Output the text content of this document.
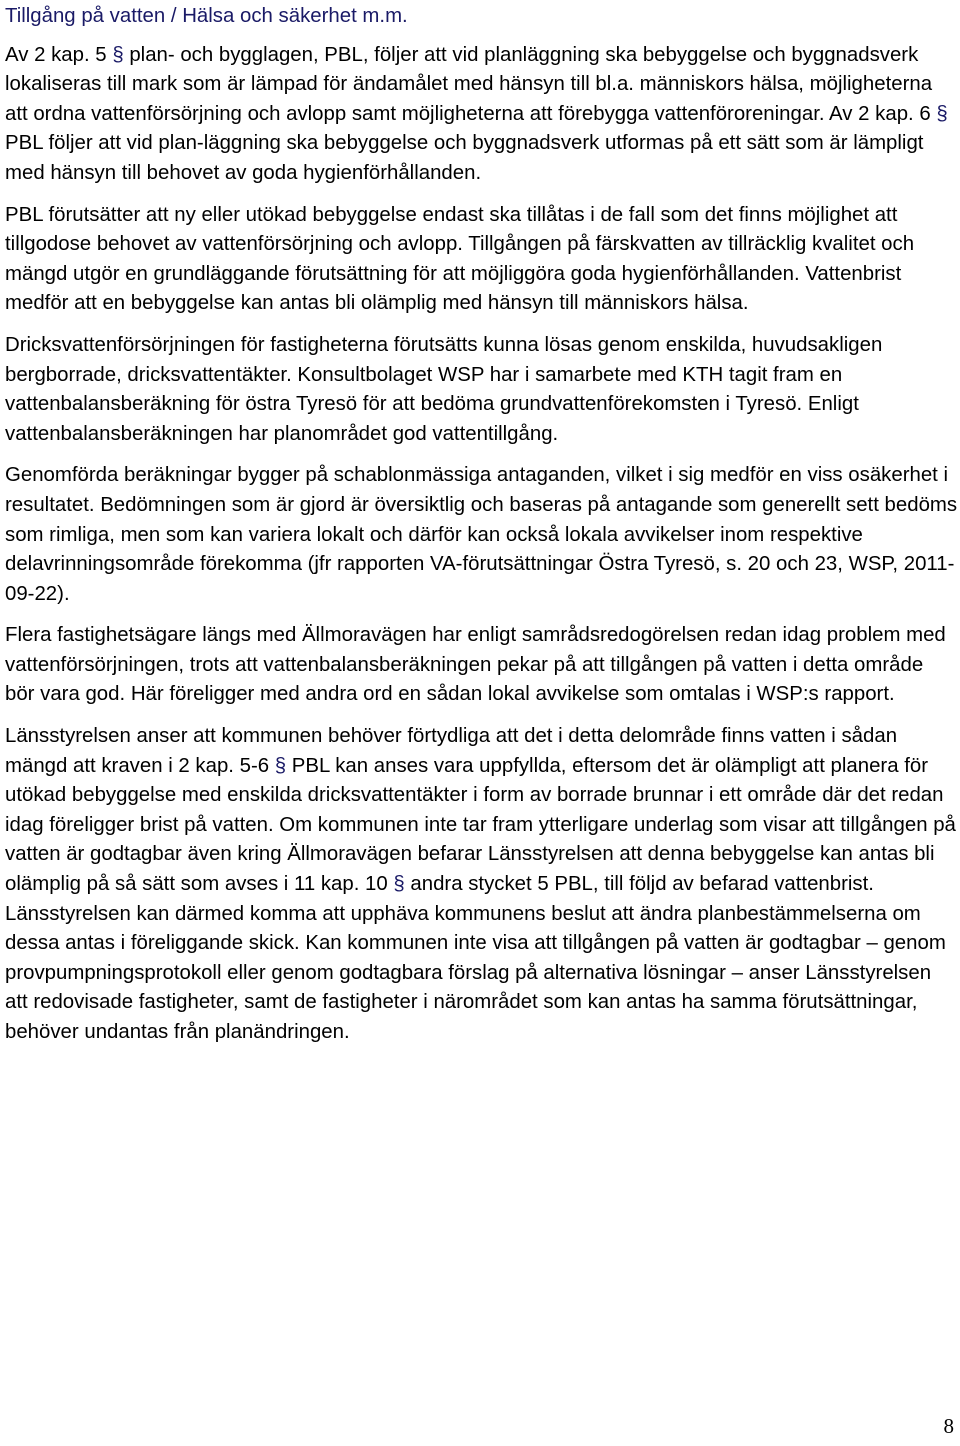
Tillgång på vatten / Hälsa och säkerhet m.m.

Av 2 kap. 5 § plan- och bygglagen, PBL, följer att vid planläggning ska bebyggelse och byggnadsverk lokaliseras till mark som är lämpad för ändamålet med hänsyn till bl.a. människors hälsa, möjligheterna att ordna vattenförsörjning och avlopp samt möjligheterna att förebygga vattenföroreningar. Av 2 kap. 6 § PBL följer att vid plan-läggning ska bebyggelse och byggnadsverk utformas på ett sätt som är lämpligt med hänsyn till behovet av goda hygienförhållanden.

PBL förutsätter att ny eller utökad bebyggelse endast ska tillåtas i de fall som det finns möjlighet att tillgodose behovet av vattenförsörjning och avlopp. Tillgången på färskvatten av tillräcklig kvalitet och mängd utgör en grundläggande förutsättning för att möjliggöra goda hygienförhållanden. Vattenbrist medför att en bebyggelse kan antas bli olämplig med hänsyn till människors hälsa.

Dricksvattenförsörjningen för fastigheterna förutsätts kunna lösas genom enskilda, huvudsakligen bergborrade, dricksvattentäkter. Konsultbolaget WSP har i samarbete med KTH tagit fram en vattenbalansberäkning för östra Tyresö för att bedöma grundvattenförekomsten i Tyresö. Enligt vattenbalansberäkningen har planområdet god vattentillgång.

Genomförda beräkningar bygger på schablonmässiga antaganden, vilket i sig medför en viss osäkerhet i resultatet. Bedömningen som är gjord är översiktlig och baseras på antagande som generellt sett bedöms som rimliga, men som kan variera lokalt och därför kan också lokala avvikelser inom respektive delavrinningsområde förekomma (jfr rapporten VA-förutsättningar Östra Tyresö, s. 20 och 23, WSP, 2011-09-22).

Flera fastighetsägare längs med Ällmoravägen har enligt samrådsredogörelsen redan idag problem med vattenförsörjningen, trots att vattenbalansberäkningen pekar på att tillgången på vatten i detta område bör vara god. Här föreligger med andra ord en sådan lokal avvikelse som omtalas i WSP:s rapport.

Länsstyrelsen anser att kommunen behöver förtydliga att det i detta delområde finns vatten i sådan mängd att kraven i 2 kap. 5-6 § PBL kan anses vara uppfyllda, eftersom det är olämpligt att planera för utökad bebyggelse med enskilda dricksvattentäkter i form av borrade brunnar i ett område där det redan idag föreligger brist på vatten. Om kommunen inte tar fram ytterligare underlag som visar att tillgången på vatten är godtagbar även kring Ällmoravägen befarar Länsstyrelsen att denna bebyggelse kan antas bli olämplig på så sätt som avses i 11 kap. 10 § andra stycket 5 PBL, till följd av befarad vattenbrist. Länsstyrelsen kan därmed komma att upphäva kommunens beslut att ändra planbestämmelserna om dessa antas i föreliggande skick. Kan kommunen inte visa att tillgången på vatten är godtagbar – genom provpumpningsprotokoll eller genom godtagbara förslag på alternativa lösningar – anser Länsstyrelsen att redovisade fastigheter, samt de fastigheter i närområdet som kan antas ha samma förutsättningar, behöver undantas från planändringen.

8
